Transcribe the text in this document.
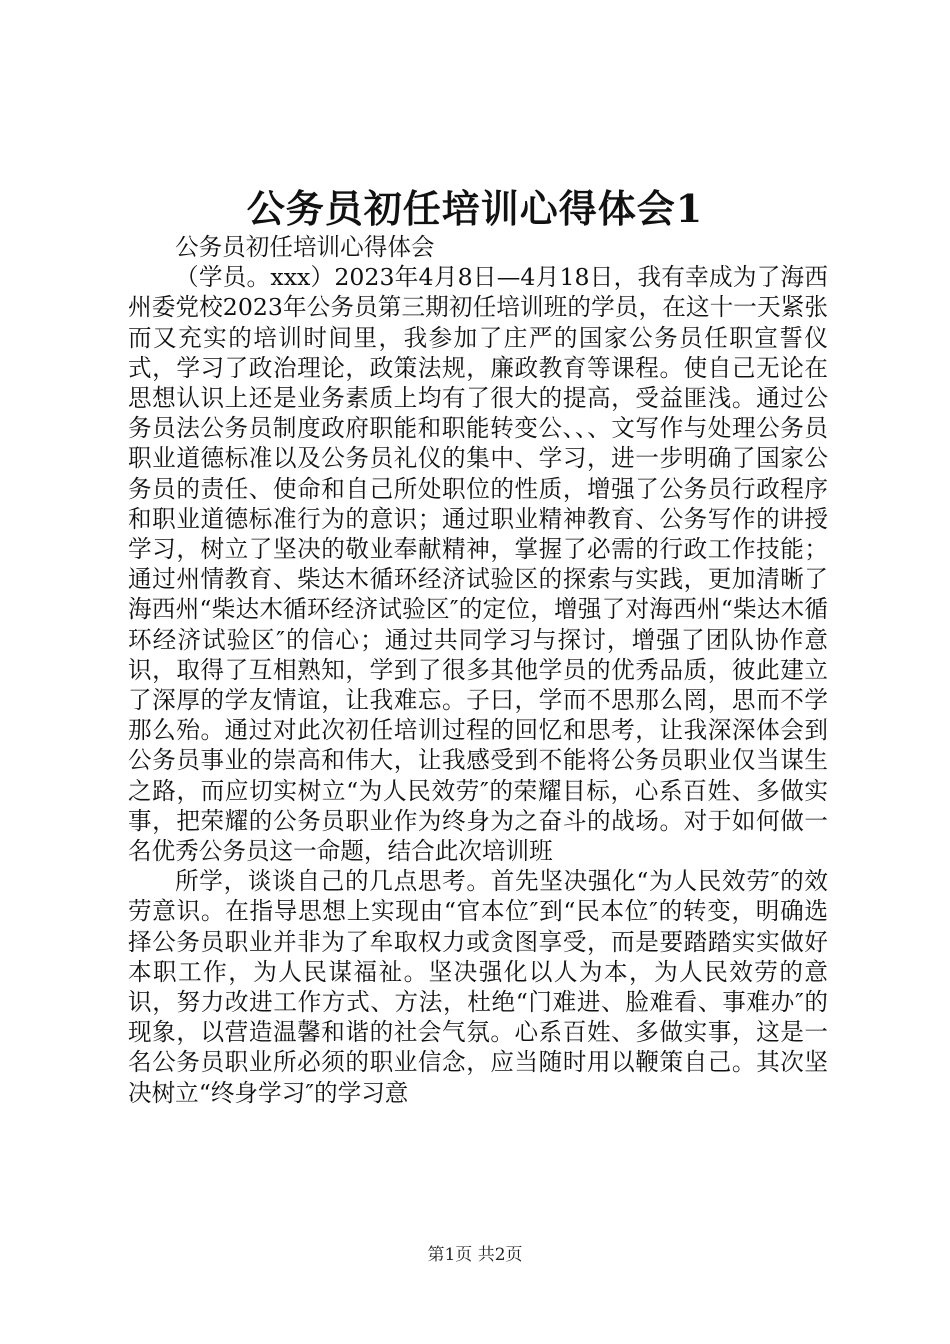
公务员初任培训心得体会1

公务员初任培训心得体会

（学员。xxx）2023年4月8日—4月18日，我有幸成为了海西州委党校2023年公务员第三期初任培训班的学员，在这十一天紧张而又充实的培训时间里，我参加了庄严的国家公务员任职宣誓仪式，学习了政治理论，政策法规，廉政教育等课程。使自己无论在思想认识上还是业务素质上均有了很大的提高，受益匪浅。通过公务员法公务员制度政府职能和职能转变公、、、文写作与处理公务员职业道德标准以及公务员礼仪的集中、学习，进一步明确了国家公务员的责任、使命和自己所处职位的性质，增强了公务员行政程序和职业道德标准行为的意识；通过职业精神教育、公务写作的讲授学习，树立了坚决的敬业奉献精神，掌握了必需的行政工作技能；通过州情教育、柴达木循环经济试验区的探索与实践，更加清晰了海西州“柴达木循环经济试验区″的定位，增强了对海西州“柴达木循环经济试验区″的信心；通过共同学习与探讨，增强了团队协作意识，取得了互相熟知，学到了很多其他学员的优秀品质，彼此建立了深厚的学友情谊，让我难忘。子曰，学而不思那么罔，思而不学那么殆。通过对此次初任培训过程的回忆和思考，让我深深体会到公务员事业的崇高和伟大，让我感受到不能将公务员职业仅当谋生之路，而应切实树立“为人民效劳″的荣耀目标，心系百姓、多做实事，把荣耀的公务员职业作为终身为之奋斗的战场。对于如何做一名优秀公务员这一命题，结合此次培训班

所学，谈谈自己的几点思考。首先坚决强化“为人民效劳″的效劳意识。在指导思想上实现由“官本位″到“民本位″的转变，明确选择公务员职业并非为了牟取权力或贪图享受，而是要踏踏实实做好本职工作，为人民谋福祉。坚决强化以人为本，为人民效劳的意识，努力改进工作方式、方法，杜绝“门难进、脸难看、事难办″的现象，以营造温馨和谐的社会气氛。心系百姓、多做实事，这是一名公务员职业所必须的职业信念，应当随时用以鞭策自己。其次坚决树立“终身学习″的学习意

第1页 共2页
